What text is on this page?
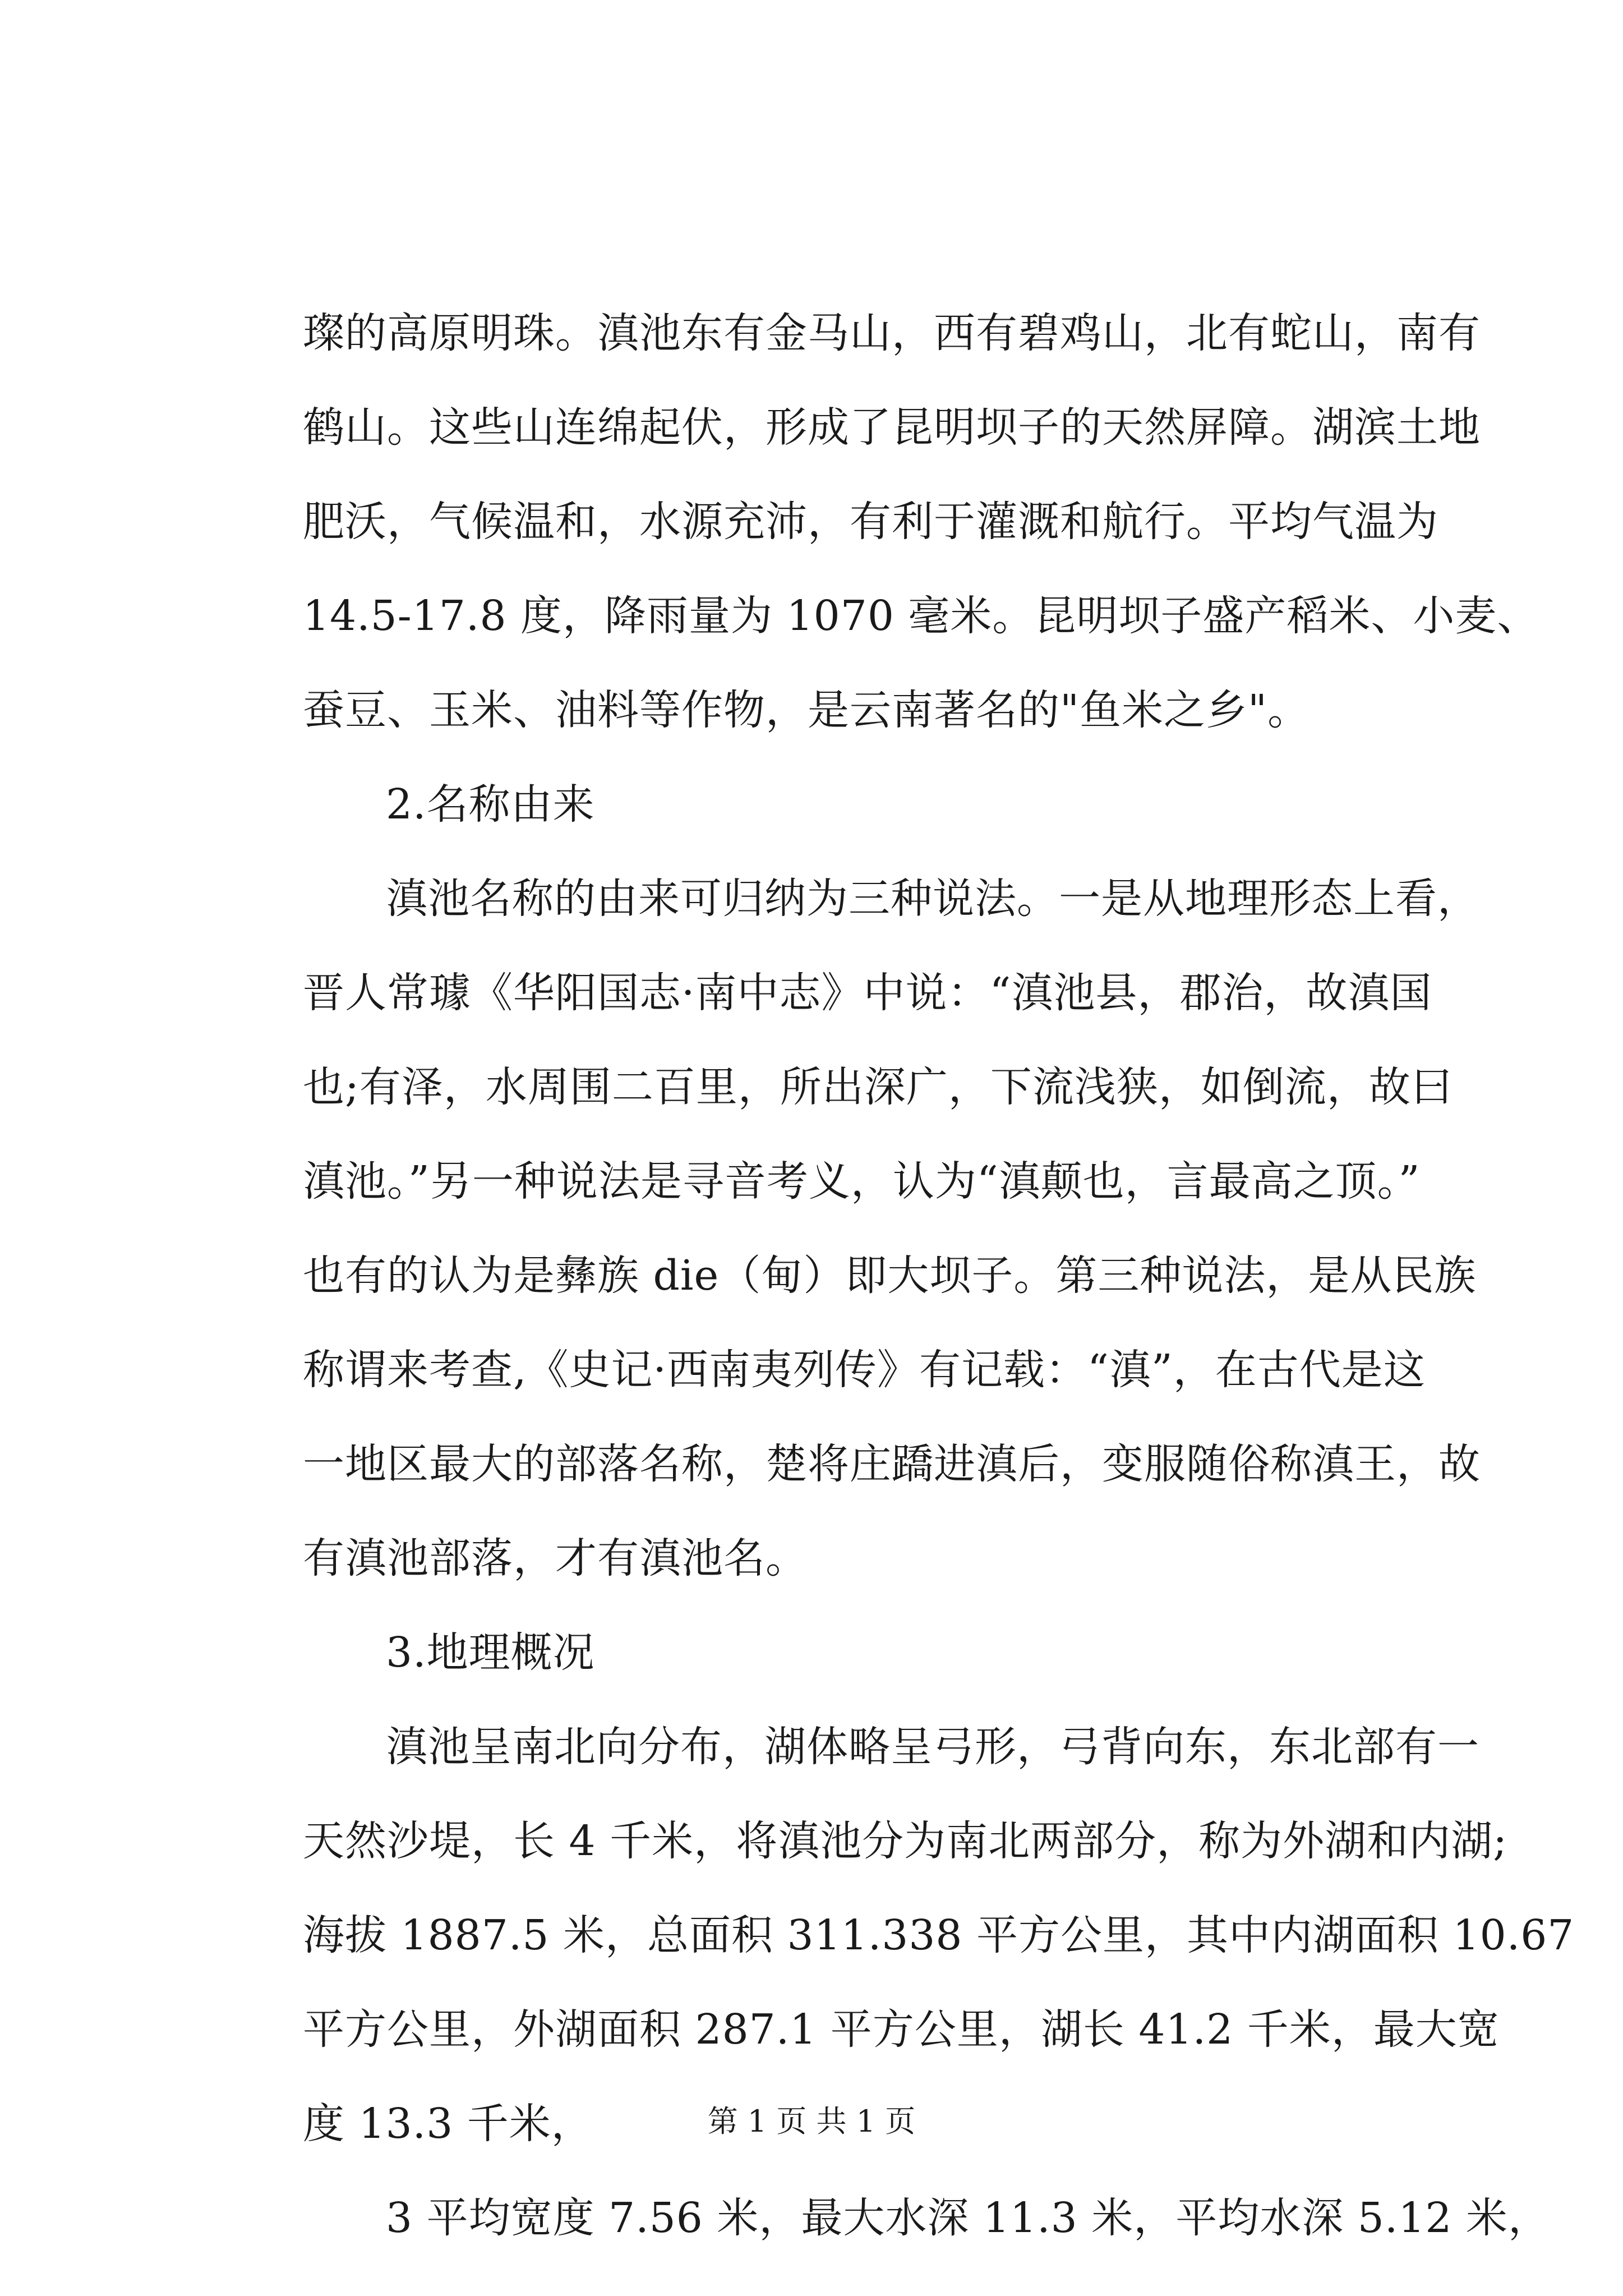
璨的高原明珠。滇池东有金马山，西有碧鸡山，北有蛇山，南有
鹤山。这些山连绵起伏，形成了昆明坝子的天然屏障。湖滨土地
肥沃，气候温和，水源充沛，有利于灌溉和航行。平均气温为
14.5-17.8 度，降雨量为 1070 毫米。昆明坝子盛产稻米、小麦、
蚕豆、玉米、油料等作物，是云南著名的"鱼米之乡"。
2.名称由来
滇池名称的由来可归纳为三种说法。一是从地理形态上看，
晋人常璩《华阳国志·南中志》中说：“滇池县，郡治，故滇国
也;有泽，水周围二百里，所出深广，下流浅狭，如倒流，故曰
滇池。”另一种说法是寻音考义，认为“滇颠也，言最高之顶。”
也有的认为是彝族 die（甸）即大坝子。第三种说法，是从民族
称谓来考查,《史记·西南夷列传》有记载：“滇”，在古代是这
一地区最大的部落名称，楚将庄蹻进滇后，变服随俗称滇王，故
有滇池部落，才有滇池名。
3.地理概况
滇池呈南北向分布，湖体略呈弓形，弓背向东，东北部有一
天然沙堤，长 4 千米，将滇池分为南北两部分，称为外湖和内湖;
海拔 1887.5 米，总面积 311.338 平方公里，其中内湖面积 10.67
平方公里，外湖面积 287.1 平方公里，湖长 41.2 千米，最大宽
度 13.3 千米，
3 平均宽度 7.56 米，最大水深 11.3 米，平均水深 5.12 米，
第 1 页 共 1 页
